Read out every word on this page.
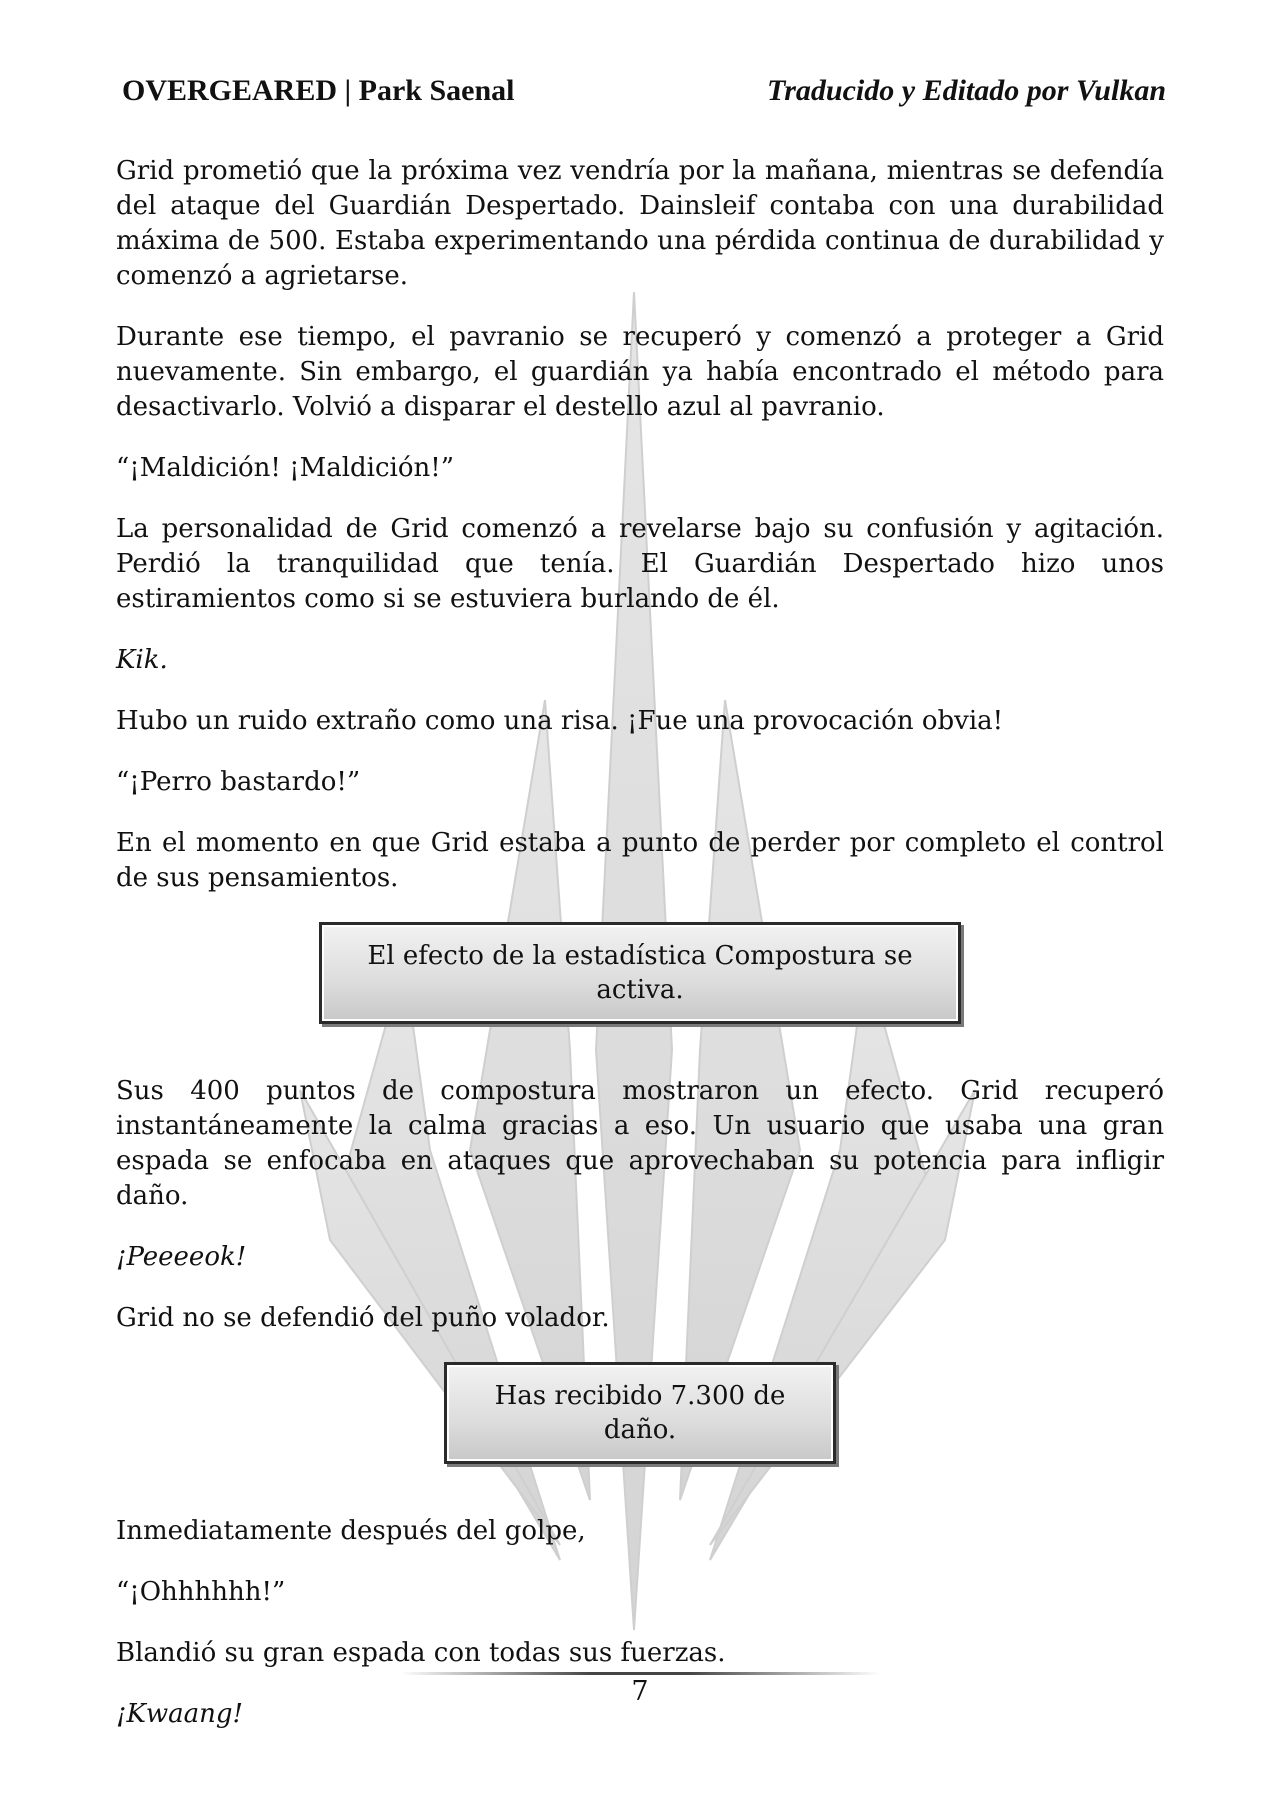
OVERGEARED | Park Saenal	Traducido y Editado por Vulkan

Grid prometió que la próxima vez vendría por la mañana, mientras se defendía del ataque del Guardián Despertado. Dainsleif contaba con una durabilidad máxima de 500. Estaba experimentando una pérdida continua de durabilidad y comenzó a agrietarse.

Durante ese tiempo, el pavranio se recuperó y comenzó a proteger a Grid nuevamente. Sin embargo, el guardián ya había encontrado el método para desactivarlo. Volvió a disparar el destello azul al pavranio.

“¡Maldición! ¡Maldición!”

La personalidad de Grid comenzó a revelarse bajo su confusión y agitación. Perdió la tranquilidad que tenía. El Guardián Despertado hizo unos estiramientos como si se estuviera burlando de él.

Kik.

Hubo un ruido extraño como una risa. ¡Fue una provocación obvia!

“¡Perro bastardo!”

En el momento en que Grid estaba a punto de perder por completo el control de sus pensamientos.

El efecto de la estadística Compostura se activa.

Sus 400 puntos de compostura mostraron un efecto. Grid recuperó instantáneamente la calma gracias a eso. Un usuario que usaba una gran espada se enfocaba en ataques que aprovechaban su potencia para infligir daño.

¡Peeeeok!

Grid no se defendió del puño volador.

Has recibido 7.300 de daño.

Inmediatamente después del golpe,

“¡Ohhhhhh!”

Blandió su gran espada con todas sus fuerzas.

¡Kwaang!

7
